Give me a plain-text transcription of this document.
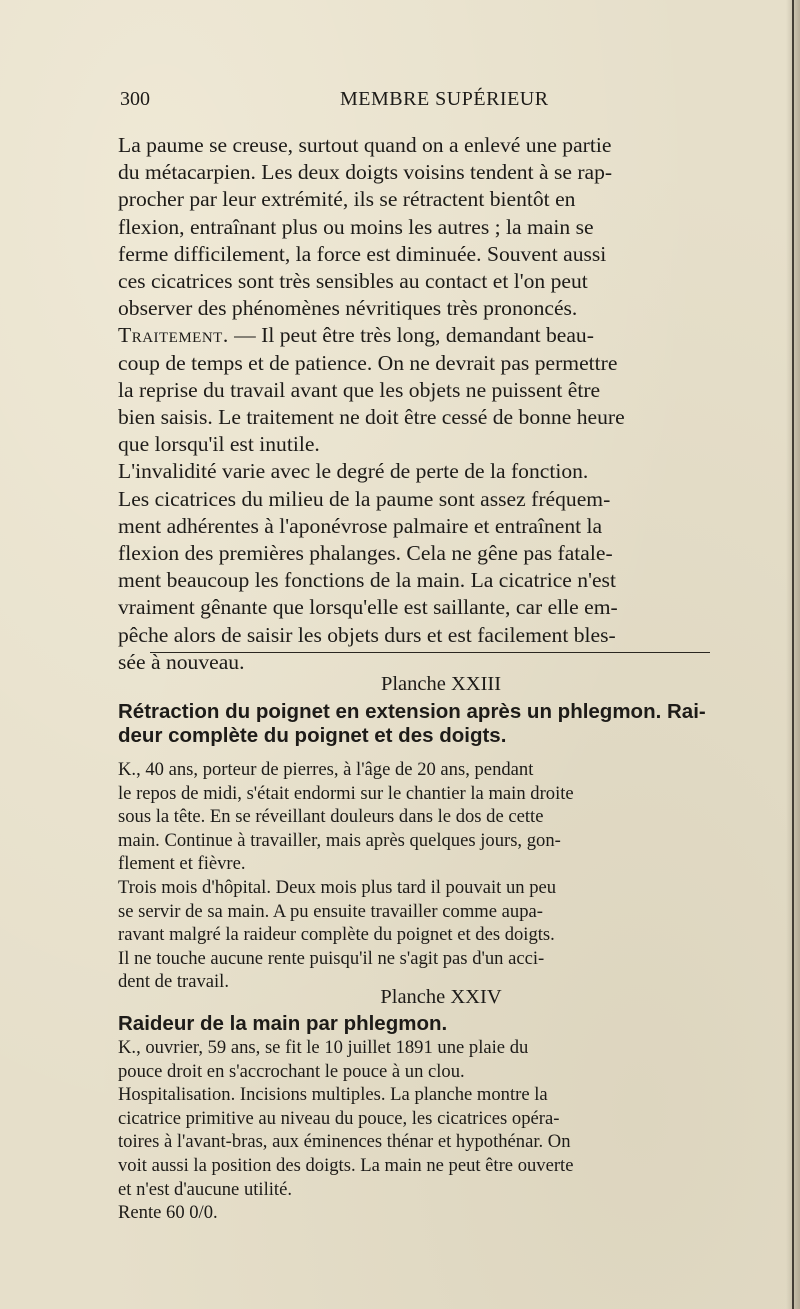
300	MEMBRE SUPÉRIEUR

La paume se creuse, surtout quand on a enlevé une partie

du métacarpien. Les deux doigts voisins tendent à se rap-

procher par leur extrémité, ils se rétractent bientôt en

flexion, entraînant plus ou moins les autres ; la main se

ferme difficilement, la force est diminuée. Souvent aussi

ces cicatrices sont très sensibles au contact et l'on peut

observer des phénomènes névritiques très prononcés.

Traitement. — Il peut être très long, demandant beau-

coup de temps et de patience. On ne devrait pas permettre

la reprise du travail avant que les objets ne puissent être

bien saisis. Le traitement ne doit être cessé de bonne heure

que lorsqu'il est inutile.

L'invalidité varie avec le degré de perte de la fonction.

Les cicatrices du milieu de la paume sont assez fréquem-

ment adhérentes à l'aponévrose palmaire et entraînent la

flexion des premières phalanges. Cela ne gêne pas fatale-

ment beaucoup les fonctions de la main. La cicatrice n'est

vraiment gênante que lorsqu'elle est saillante, car elle em-

pêche alors de saisir les objets durs et est facilement bles-

sée à nouveau.

Planche XXIII
Rétraction du poignet en extension après un phlegmon. Rai-
deur complète du poignet et des doigts.

K., 40 ans, porteur de pierres, à l'âge de 20 ans, pendant

le repos de midi, s'était endormi sur le chantier la main droite

sous la tête. En se réveillant douleurs dans le dos de cette

main. Continue à travailler, mais après quelques jours, gon-

flement et fièvre.

Trois mois d'hôpital. Deux mois plus tard il pouvait un peu

se servir de sa main. A pu ensuite travailler comme aupa-

ravant malgré la raideur complète du poignet et des doigts.

Il ne touche aucune rente puisqu'il ne s'agit pas d'un acci-

dent de travail.

Planche XXIV
Raideur de la main par phlegmon.

K., ouvrier, 59 ans, se fit le 10 juillet 1891 une plaie du

pouce droit en s'accrochant le pouce à un clou.

Hospitalisation. Incisions multiples. La planche montre la

cicatrice primitive au niveau du pouce, les cicatrices opéra-

toires à l'avant-bras, aux éminences thénar et hypothénar. On

voit aussi la position des doigts. La main ne peut être ouverte

et n'est d'aucune utilité.

Rente 60 0/0.
